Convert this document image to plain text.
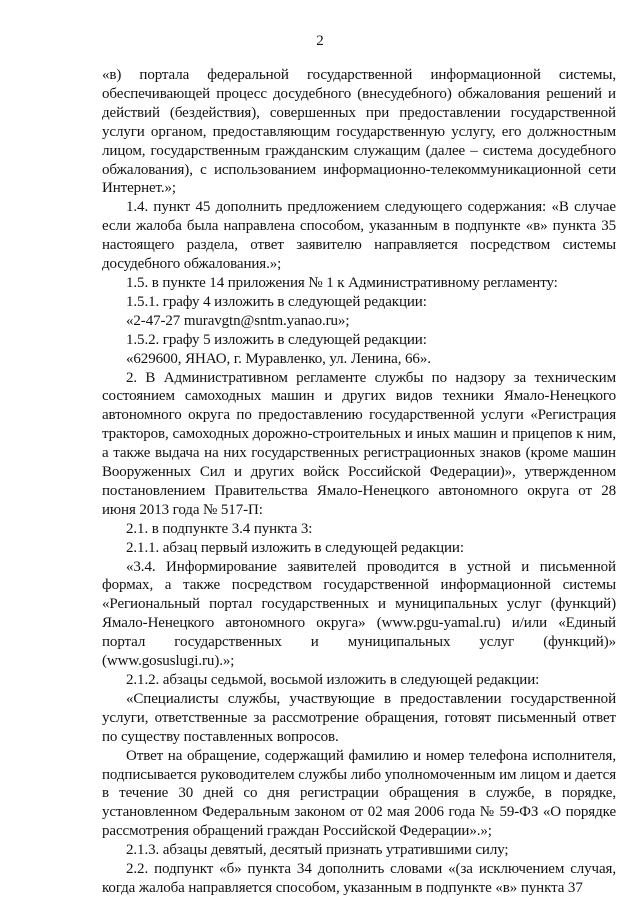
2

«в) портала федеральной государственной информационной системы, обеспечивающей процесс досудебного (внесудебного) обжалования решений и действий (бездействия), совершенных при предоставлении государственной услуги органом, предоставляющим государственную услугу, его должностным лицом, государственным гражданским служащим (далее – система досудебного обжалования), с использованием информационно-телекоммуникационной сети Интернет.»;

1.4. пункт 45 дополнить предложением следующего содержания: «В случае если жалоба была направлена способом, указанным в подпункте «в» пункта 35 настоящего раздела, ответ заявителю направляется посредством системы досудебного обжалования.»;

1.5. в пункте 14 приложения № 1 к Административному регламенту:

1.5.1. графу 4 изложить в следующей редакции:

«2-47-27 muravgtn@sntm.yanao.ru»;

1.5.2. графу 5 изложить в следующей редакции:

«629600, ЯНАО, г. Муравленко, ул. Ленина, 66».

2. В Административном регламенте службы по надзору за техническим состоянием самоходных машин и других видов техники Ямало-Ненецкого автономного округа по предоставлению государственной услуги «Регистрация тракторов, самоходных дорожно-строительных и иных машин и прицепов к ним, а также выдача на них государственных регистрационных знаков (кроме машин Вооруженных Сил и других войск Российской Федерации)», утвержденном постановлением Правительства Ямало-Ненецкого автономного округа от 28 июня 2013 года № 517-П:

2.1. в подпункте 3.4 пункта 3:

2.1.1. абзац первый изложить в следующей редакции:

«3.4. Информирование заявителей проводится в устной и письменной формах, а также посредством государственной информационной системы «Региональный портал государственных и муниципальных услуг (функций) Ямало-Ненецкого автономного округа» (www.pgu-yamal.ru) и/или «Единый портал государственных и муниципальных услуг (функций)» (www.gosuslugi.ru).»;

2.1.2. абзацы седьмой, восьмой изложить в следующей редакции:

«Специалисты службы, участвующие в предоставлении государственной услуги, ответственные за рассмотрение обращения, готовят письменный ответ по существу поставленных вопросов.

Ответ на обращение, содержащий фамилию и номер телефона исполнителя, подписывается руководителем службы либо уполномоченным им лицом и дается в течение 30 дней со дня регистрации обращения в службе, в порядке, установленном Федеральным законом от 02 мая 2006 года № 59-ФЗ «О порядке рассмотрения обращений граждан Российской Федерации».»;

2.1.3. абзацы девятый, десятый признать утратившими силу;

2.2. подпункт «б» пункта 34 дополнить словами «(за исключением случая, когда жалоба направляется способом, указанным в подпункте «в» пункта 37
